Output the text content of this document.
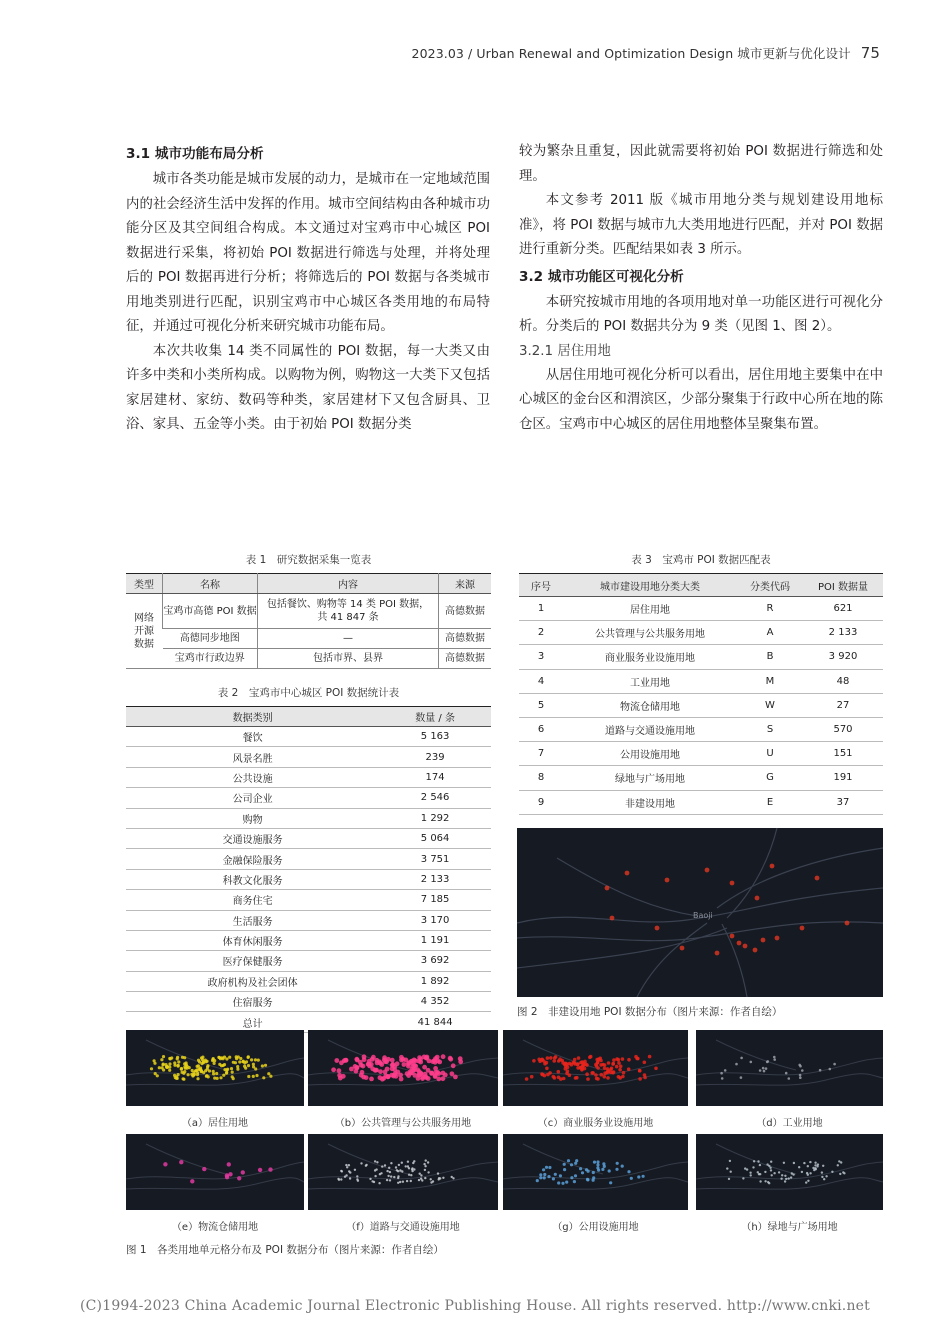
2023.03 / Urban Renewal and Optimization Design 城市更新与优化设计 75
3.1 城市功能布局分析

城市各类功能是城市发展的动力，是城市在一定地域范围内的社会经济生活中发挥的作用。城市空间结构由各种城市功能分区及其空间组合构成。本文通过对宝鸡市中心城区 POI 数据进行采集，将初始 POI 数据进行筛选与处理，并将处理后的 POI 数据再进行分析；将筛选后的 POI 数据与各类城市用地类别进行匹配，识别宝鸡市中心城区各类用地的布局特征，并通过可视化分析来研究城市功能布局。

本次共收集 14 类不同属性的 POI 数据，每一大类又由许多中类和小类所构成。以购物为例，购物这一大类下又包括家居建材、家纺、数码等种类，家居建材下又包含厨具、卫浴、家具、五金等小类。由于初始 POI 数据分类

较为繁杂且重复，因此就需要将初始 POI 数据进行筛选和处理。

本文参考 2011 版《城市用地分类与规划建设用地标准》，将 POI 数据与城市九大类用地进行匹配，并对 POI 数据进行重新分类。匹配结果如表 3 所示。

3.2 城市功能区可视化分析

本研究按城市用地的各项用地对单一功能区进行可视化分析。分类后的 POI 数据共分为 9 类（见图 1、图 2）。

3.2.1 居住用地

从居住用地可视化分析可以看出，居住用地主要集中在中心城区的金台区和渭滨区，少部分聚集于行政中心所在地的陈仓区。宝鸡市中心城区的居住用地整体呈聚集布置。

表 1　研究数据采集一览表
类型	名称	内容	来源
网络开源数据	宝鸡市高德 POI 数据	包括餐饮、购物等 14 类 POI 数据，共 41 847 条	高德数据
	高德同步地图	—	高德数据
	宝鸡市行政边界	包括市界、县界	高德数据
表 2　宝鸡市中心城区 POI 数据统计表
数据类别	数量 / 条
餐饮	5 163
风景名胜	239
公共设施	174
公司企业	2 546
购物	1 292
交通设施服务	5 064
金融保险服务	3 751
科教文化服务	2 133
商务住宅	7 185
生活服务	3 170
体育休闲服务	1 191
医疗保健服务	3 692
政府机构及社会团体	1 892
住宿服务	4 352
总计	41 844
表 3　宝鸡市 POI 数据匹配表
序号	城市建设用地分类大类	分类代码	POI 数据量
1	居住用地	R	621
2	公共管理与公共服务用地	A	2 133
3	商业服务业设施用地	B	3 920
4	工业用地	M	48
5	物流仓储用地	W	27
6	道路与交通设施用地	S	570
7	公用设施用地	U	151
8	绿地与广场用地	G	191
9	非建设用地	E	37
Baoji
图 2　非建设用地 POI 数据分布（图片来源：作者自绘）
（a）居住用地	（b）公共管理与公共服务用地	（c）商业服务业设施用地	（d）工业用地
（e）物流仓储用地	（f）道路与交通设施用地	（g）公用设施用地	（h）绿地与广场用地
图 1　各类用地单元格分布及 POI 数据分布（图片来源：作者自绘）
(C)1994-2023 China Academic Journal Electronic Publishing House. All rights reserved. http://www.cnki.net
